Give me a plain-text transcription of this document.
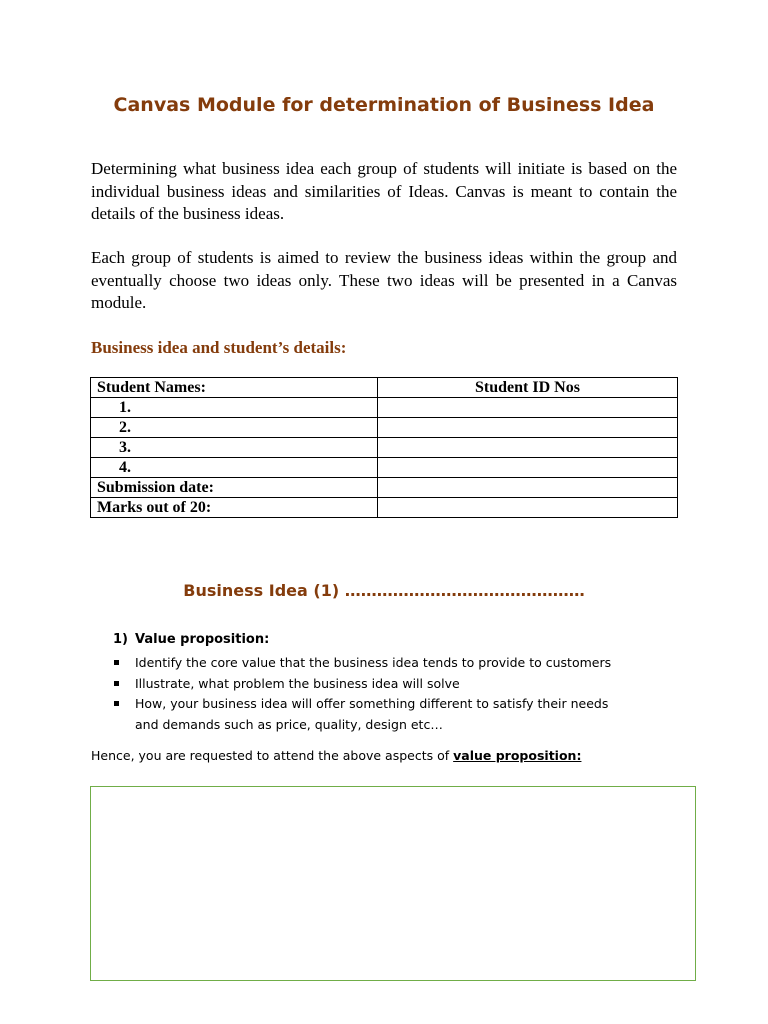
Canvas Module for determination of Business Idea
Determining what business idea each group of students will initiate is based on the individual business ideas and similarities of Ideas. Canvas is meant to contain the details of the business ideas.
Each group of students is aimed to review the business ideas within the group and eventually choose two ideas only. These two ideas will be presented in a Canvas module.
Business idea and student’s details:
Student Names:	Student ID Nos
1.	
2.	
3.	
4.	
Submission date:	
Marks out of 20:	
Business Idea (1) ………………………………………
1) Value proposition:
Identify the core value that the business idea tends to provide to customers
Illustrate, what problem the business idea will solve
How, your business idea will offer something different to satisfy their needs and demands such as price, quality, design etc…
Hence, you are requested to attend the above aspects of value proposition:
